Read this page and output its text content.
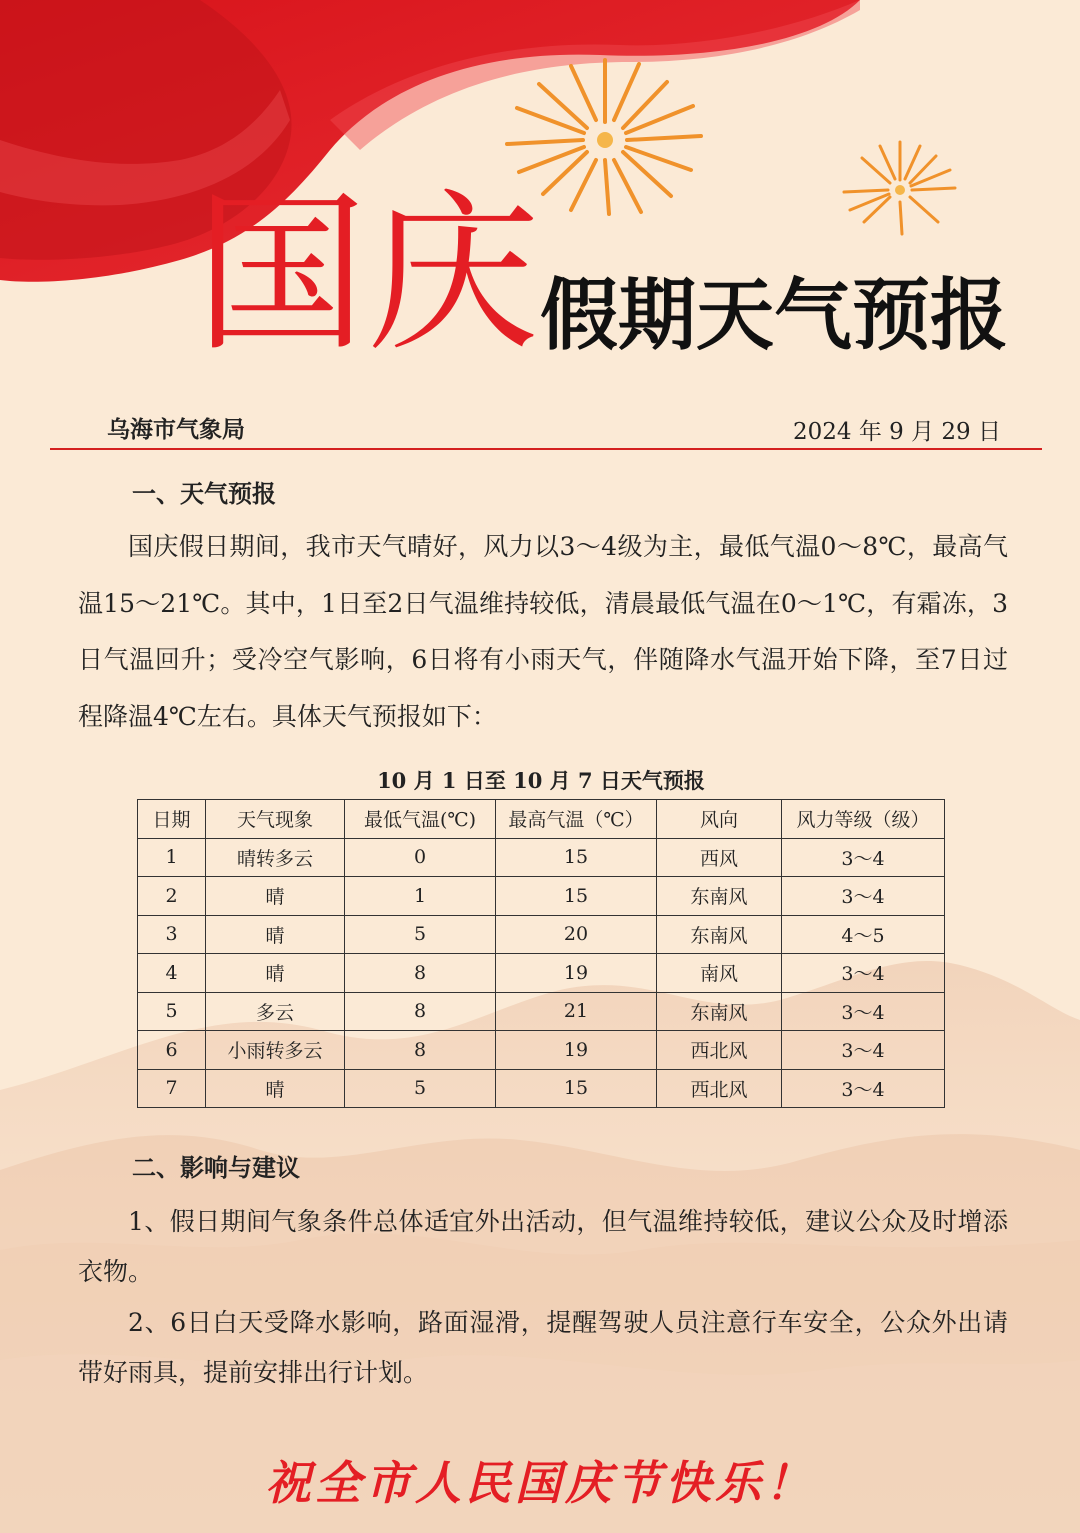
国庆 假期天气预报
乌海市气象局	2024 年 9 月 29 日
一、天气预报

国庆假日期间，我市天气晴好，风力以3～4级为主，最低气温0～8℃，最高气温15～21℃。其中，1日至2日气温维持较低，清晨最低气温在0～1℃，有霜冻，3日气温回升；受冷空气影响，6日将有小雨天气，伴随降水气温开始下降，至7日过程降温4℃左右。具体天气预报如下：

10 月 1 日至 10 月 7 日天气预报
日期	天气现象	最低气温(℃)	最高气温（℃）	风向	风力等级（级）
1	晴转多云	0	15	西风	3～4
2	晴	1	15	东南风	3～4
3	晴	5	20	东南风	4～5
4	晴	8	19	南风	3～4
5	多云	8	21	东南风	3～4
6	小雨转多云	8	19	西北风	3～4
7	晴	5	15	西北风	3～4
二、影响与建议

1、假日期间气象条件总体适宜外出活动，但气温维持较低，建议公众及时增添衣物。

2、6日白天受降水影响，路面湿滑，提醒驾驶人员注意行车安全，公众外出请带好雨具，提前安排出行计划。

祝全市人民国庆节快乐！
